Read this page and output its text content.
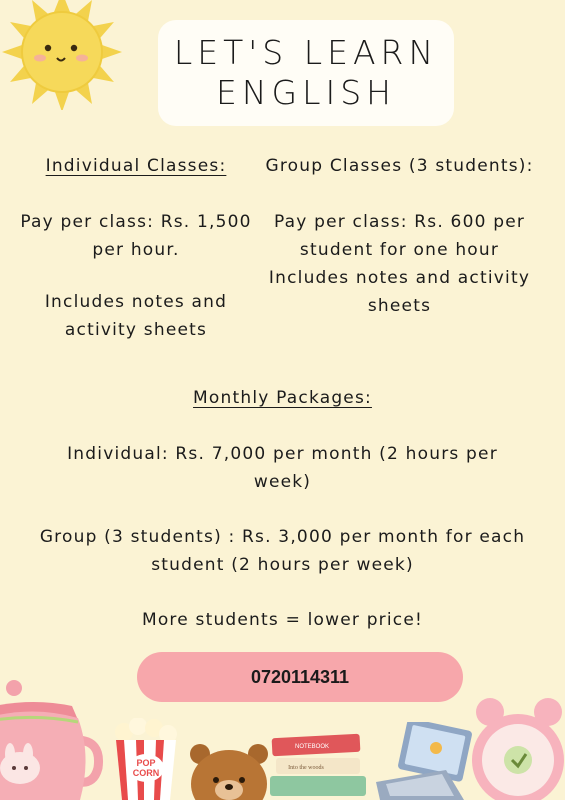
LET'S LEARN
ENGLISH
Individual Classes:
Pay per class: Rs. 1,500 per hour.
Includes notes and activity sheets
Group Classes (3 students):
Pay per class: Rs. 600 per student for one hour
Includes notes and activity sheets
Monthly Packages:
Individual: Rs. 7,000 per month (2 hours per week)
Group (3 students) : Rs. 3,000 per month for each student (2 hours per week)
More students = lower price!
0720114311
POP
CORN
NOTEBOOK
Into the woods
